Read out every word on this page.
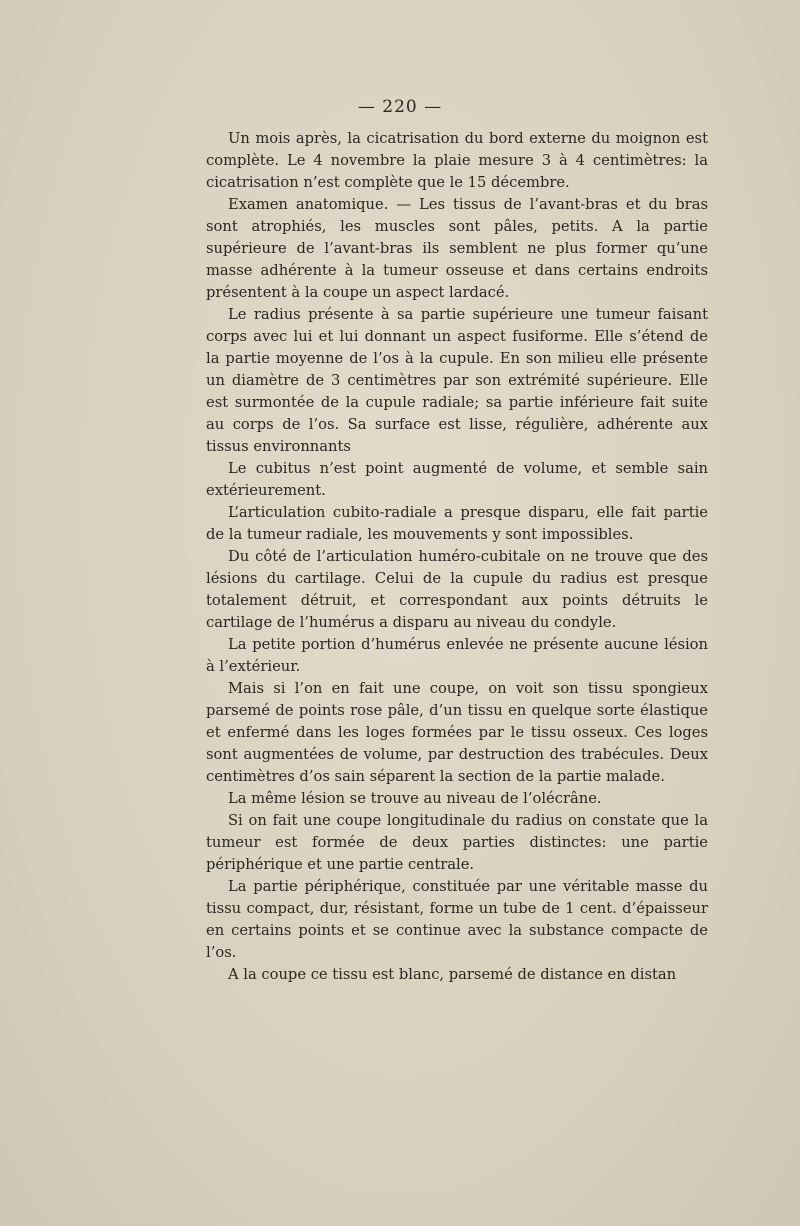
— 220 —

Un mois après, la cicatrisation du bord externe du moignon est complète. Le 4 novembre la plaie mesure 3 à 4 centimètres: la cicatrisation n’est complète que le 15 décembre.

Examen anatomique. — Les tissus de l’avant-bras et du bras sont atrophiés, les muscles sont pâles, petits. A la partie supérieure de l’avant-bras ils semblent ne plus former qu’une masse adhérente à la tumeur osseuse et dans certains endroits présentent à la coupe un aspect lardacé.

Le radius présente à sa partie supérieure une tumeur faisant corps avec lui et lui donnant un aspect fusiforme. Elle s’étend de la partie moyenne de l’os à la cupule. En son milieu elle présente un diamètre de 3 centimètres par son extrémité supérieure. Elle est surmontée de la cupule radiale; sa partie inférieure fait suite au corps de l’os. Sa surface est lisse, régulière, adhérente aux tissus environnants

Le cubitus n’est point augmenté de volume, et semble sain extérieurement.

L’articulation cubito-radiale a presque disparu, elle fait partie de la tumeur radiale, les mouvements y sont impossibles.

Du côté de l’articulation huméro-cubitale on ne trouve que des lésions du cartilage. Celui de la cupule du radius est presque totalement détruit, et correspondant aux points détruits le cartilage de l’humérus a disparu au niveau du condyle.

La petite portion d’humérus enlevée ne présente aucune lésion à l’extérieur.

Mais si l’on en fait une coupe, on voit son tissu spongieux parsemé de points rose pâle, d’un tissu en quelque sorte élastique et enfermé dans les loges formées par le tissu osseux. Ces loges sont augmentées de volume, par destruction des trabécules. Deux centimètres d’os sain séparent la section de la partie malade.

La même lésion se trouve au niveau de l’olécrâne.

Si on fait une coupe longitudinale du radius on constate que la tumeur est formée de deux parties distinctes: une partie périphérique et une partie centrale.

La partie périphérique, constituée par une véritable masse du tissu compact, dur, résistant, forme un tube de 1 cent. d’épaisseur en certains points et se continue avec la substance compacte de l’os.

A la coupe ce tissu est blanc, parsemé de distance en distan
